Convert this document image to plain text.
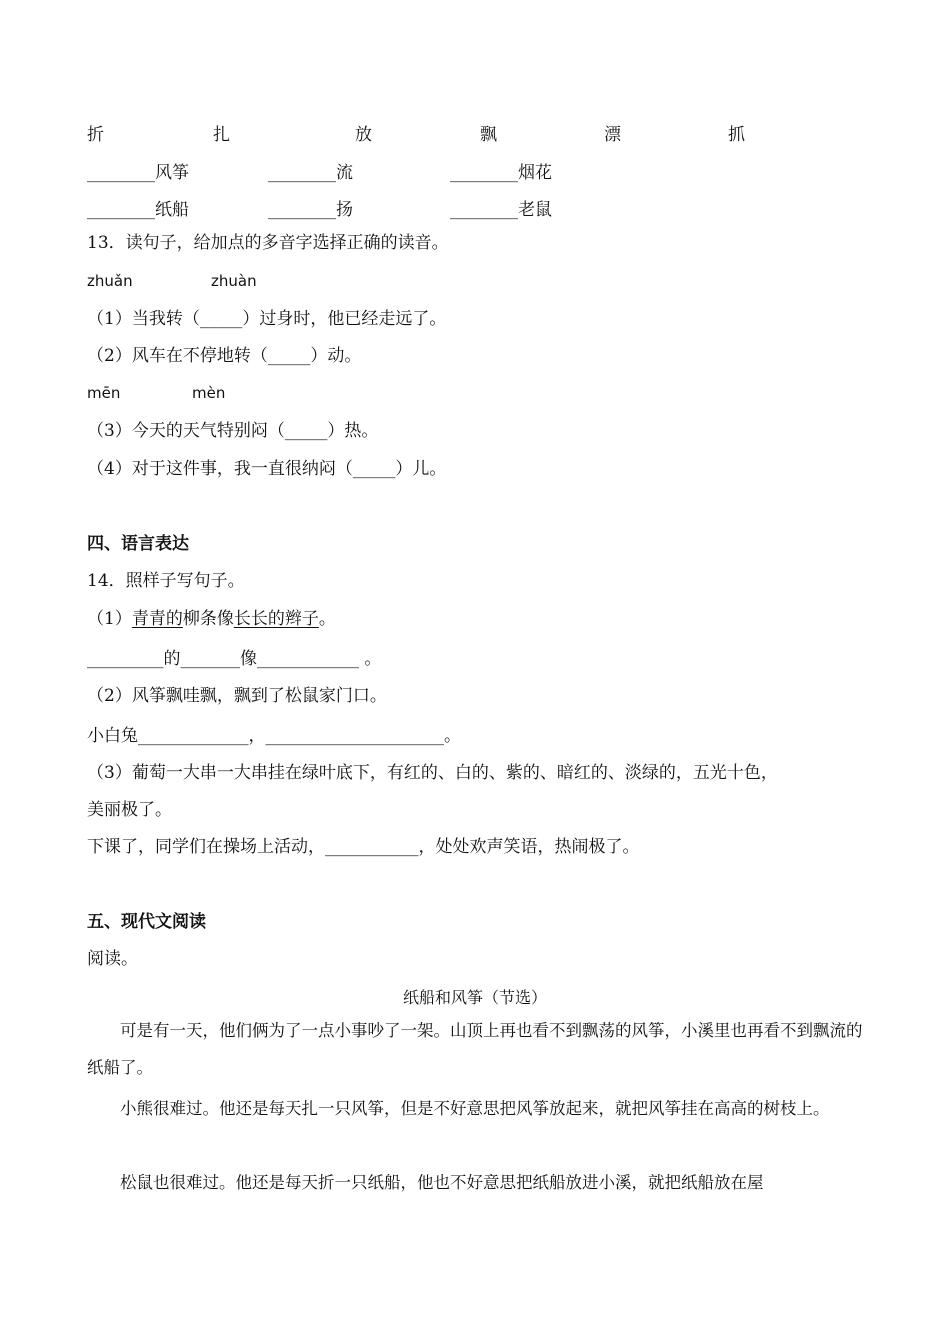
折	扎	放	飘	漂	抓
________风筝	________流	________烟花
________纸船	________扬	________老鼠
13．读句子，给加点的多音字选择正确的读音。
zhuǎn	zhuàn
（1）当我转（_____）过身时，他已经走远了。
（2）风车在不停地转（_____）动。
mēn	mèn
（3）今天的天气特别闷（_____）热。
（4）对于这件事，我一直很纳闷（_____）儿。
四、语言表达
14．照样子写句子。
（1）青青的柳条像长长的辫子。
_________的_______像____________ 。
（2）风筝飘哇飘，飘到了松鼠家门口。
小白兔_____________，_____________________。
（3）葡萄一大串一大串挂在绿叶底下，有红的、白的、紫的、暗红的、淡绿的，五光十色，
美丽极了。
下课了，同学们在操场上活动，___________，处处欢声笑语，热闹极了。
五、现代文阅读
阅读。
纸船和风筝（节选）
可是有一天，他们俩为了一点小事吵了一架。山顶上再也看不到飘荡的风筝，小溪里也再看不到飘流的纸船了。
小熊很难过。他还是每天扎一只风筝，但是不好意思把风筝放起来，就把风筝挂在高高的树枝上。
松鼠也很难过。他还是每天折一只纸船，他也不好意思把纸船放进小溪，就把纸船放在屋
